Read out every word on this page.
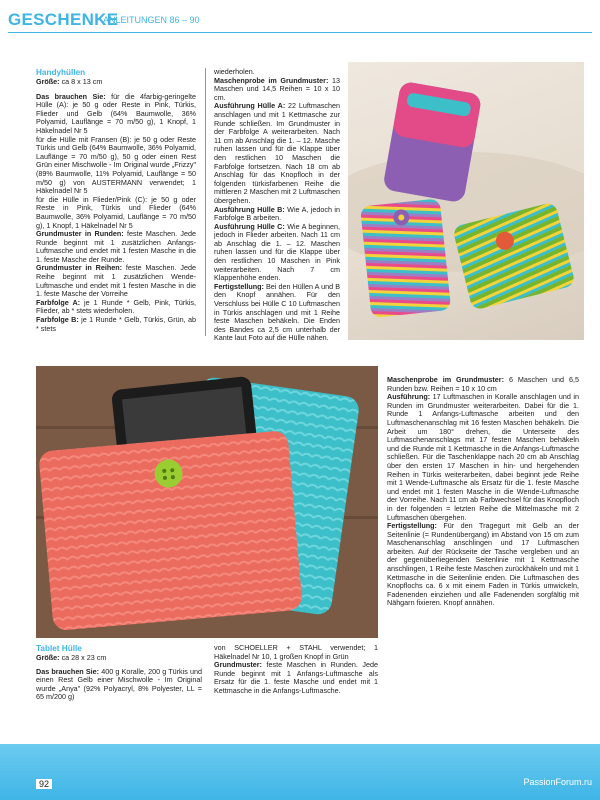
GESCHENKE
ANLEITUNGEN 86 – 90

Handyhüllen

Größe: ca 8 x 13 cm

Das brauchen Sie: für die 4farbig-geringelte Hülle (A): je 50 g oder Reste in Pink, Türkis, Flieder und Gelb (64% Baumwolle, 36% Polyamid, Lauflänge = 70 m/50 g), 1 Knopf, 1 Häkelnadel Nr 5

für die Hülle mit Fransen (B): je 50 g oder Reste Türkis und Gelb (64% Baumwolle, 36% Polyamid, Lauflänge = 70 m/50 g), 50 g oder einen Rest Grün einer Mischwolle - Im Original wurde „Frizzy" (89% Baumwolle, 11% Polyamid, Lauflänge = 50 m/50 g) von AUSTERMANN verwendet; 1 Häkelnadel Nr 5

für die Hülle in Flieder/Pink (C): je 50 g oder Reste in Pink, Türkis und Flieder (64% Baumwolle, 36% Polyamid, Lauflänge = 70 m/50 g), 1 Knopf, 1 Häkelnadel Nr 5

Grundmuster in Runden: feste Maschen. Jede Runde beginnt mit 1 zusätzlichen Anfangs-Luftmasche und endet mit 1 festen Masche in die 1. feste Masche der Runde.

Grundmuster in Reihen: feste Maschen. Jede Reihe beginnt mit 1 zusätzlichen Wende-Luftmasche und endet mit 1 festen Masche in die 1. feste Masche der Vorreihe

Farbfolge A: je 1 Runde * Gelb, Pink, Türkis, Flieder, ab * stets wiederholen.

Farbfolge B: je 1 Runde * Gelb, Türkis, Grün, ab * stets

wiederholen.

Maschenprobe im Grundmuster: 13 Maschen und 14,5 Reihen = 10 x 10 cm.

Ausführung Hülle A: 22 Luftmaschen anschlagen und mit 1 Kettmasche zur Runde schließen. Im Grundmuster in der Farbfolge A weiterarbeiten. Nach 11 cm ab Anschlag die 1. – 12. Masche ruhen lassen und für die Klappe über den restlichen 10 Maschen die Farbfolge fortsetzen. Nach 18 cm ab Anschlag für das Knopfloch in der folgenden türkisfarbenen Reihe die mittleren 2 Maschen mit 2 Luftmaschen übergehen.

Ausführung Hülle B: Wie A, jedoch in Farbfolge B arbeiten.

Ausführung Hülle C: Wie A beginnen, jedoch in Flieder arbeiten. Nach 11 cm ab Anschlag die 1. – 12. Maschen ruhen lassen und für die Klappe über den restlichen 10 Maschen in Pink weiterarbeiten. Nach 7 cm Klappenhöhe enden.

Fertigstellung: Bei den Hüllen A und B den Knopf annähen. Für den Verschluss bei Hülle C 10 Luftmaschen in Türkis anschlagen und mit 1 Reihe feste Maschen behäkeln. Die Enden des Bandes ca 2,5 cm unterhalb der Kante laut Foto auf die Hülle nähen.

Maschenprobe im Grundmuster: 6 Maschen und 6,5 Runden bzw. Reihen = 10 x 10 cm

Ausführung: 17 Luftmaschen in Koralle anschlagen und in Runden im Grundmuster weiterarbeiten. Dabei für die 1. Runde 1 Anfangs-Luftmasche arbeiten und den Luftmaschenanschlag mit 16 festen Maschen behäkeln. Die Arbeit um 180° drehen, die Unterseite des Luftmaschenanschlags mit 17 festen Maschen behäkeln und die Runde mit 1 Kettmasche in die Anfangs-Luftmasche schließen. Für die Taschenklappe nach 20 cm ab Anschlag über den ersten 17 Maschen in hin- und hergehenden Reihen in Türkis weiterarbeiten, dabei beginnt jede Reihe mit 1 Wende-Luftmasche als Ersatz für die 1. feste Masche und endet mit 1 festen Masche in die Wende-Luftmasche der Vorreihe. Nach 11 cm ab Farbwechsel für das Knopfloch in der folgenden = letzten Reihe die Mittelmasche mit 2 Luftmaschen übergehen.

Fertigstellung: Für den Tragegurt mit Gelb an der Seitenlinie (= Rundenübergang) im Abstand von 15 cm zum Maschenanschlag anschlingen und 17 Luftmaschen arbeiten. Auf der Rückseite der Tasche vergleben und an der gegenüberliegenden Seitenlinie mit 1 Kettmasche anschlingen, 1 Reihe feste Maschen zurückhäkeln und mit 1 Kettmasche in die Seitenlinie enden. Die Luftmaschen des Knopflochs ca. 6 x mit einem Faden in Türkis umwickeln, Fadenenden einziehen und alle Fadenenden sorgfältig mit Nähgarn fixieren. Knopf annähen.

Tablet Hülle

Größe: ca 28 x 23 cm

Das brauchen Sie: 400 g Koralle, 200 g Türkis und einen Rest Gelb einer Mischwolle - Im Original wurde „Anya" (92% Polyacryl, 8% Polyester, LL = 65 m/200 g)

von SCHOELLER + STAHL verwendet; 1 Häkelnadel Nr 10, 1 großen Knopf in Grün

Grundmuster: feste Maschen in Runden. Jede Runde beginnt mit 1 Anfangs-Luftmasche als Ersatz für die 1. feste Masche und endet mit 1 Kettmasche in die Anfangs-Luftmasche.

92	PassionForum.ru
